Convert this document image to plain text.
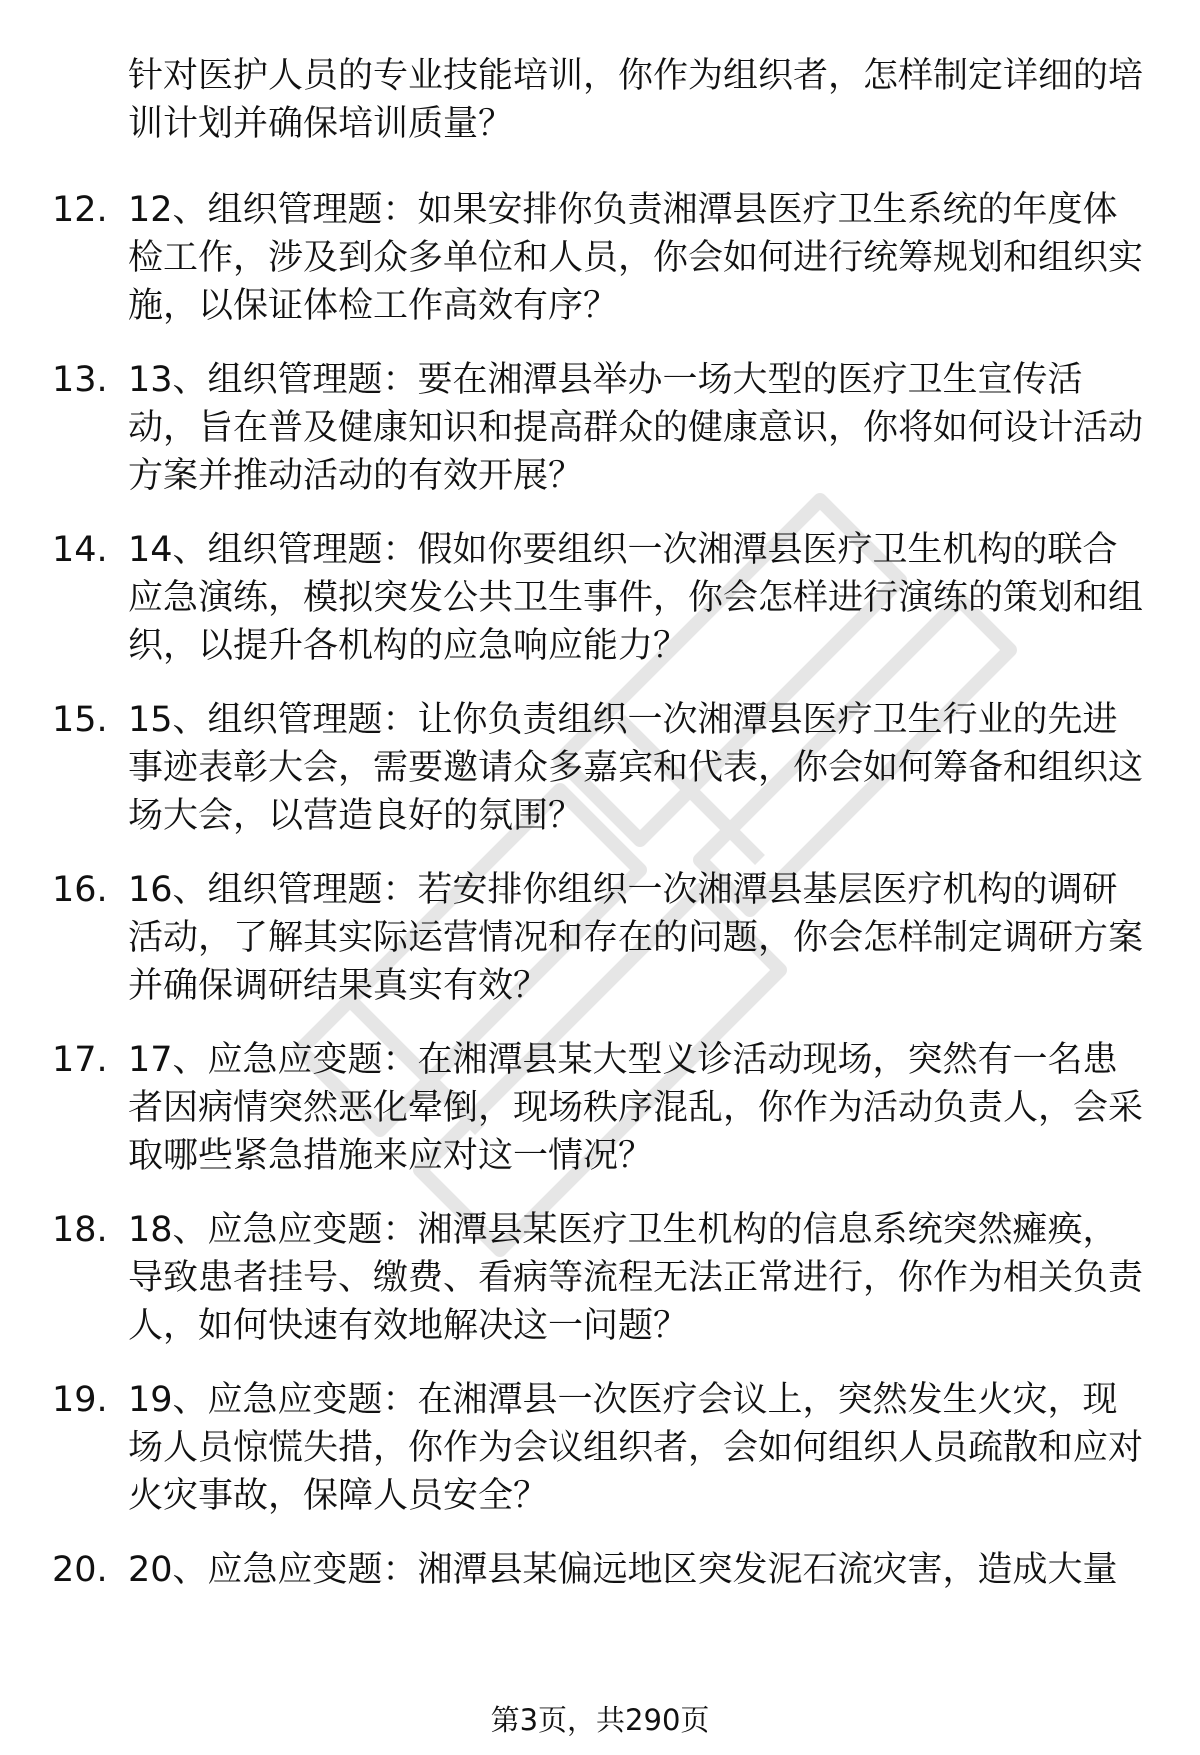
针对医护人员的专业技能培训，你作为组织者，怎样制定详细的培训计划并确保培训质量？

12. 12、组织管理题：如果安排你负责湘潭县医疗卫生系统的年度体检工作，涉及到众多单位和人员，你会如何进行统筹规划和组织实施，以保证体检工作高效有序？

13. 13、组织管理题：要在湘潭县举办一场大型的医疗卫生宣传活动，旨在普及健康知识和提高群众的健康意识，你将如何设计活动方案并推动活动的有效开展？

14. 14、组织管理题：假如你要组织一次湘潭县医疗卫生机构的联合应急演练，模拟突发公共卫生事件，你会怎样进行演练的策划和组织，以提升各机构的应急响应能力？

15. 15、组织管理题：让你负责组织一次湘潭县医疗卫生行业的先进事迹表彰大会，需要邀请众多嘉宾和代表，你会如何筹备和组织这场大会，以营造良好的氛围？

16. 16、组织管理题：若安排你组织一次湘潭县基层医疗机构的调研活动，了解其实际运营情况和存在的问题，你会怎样制定调研方案并确保调研结果真实有效？

17. 17、应急应变题：在湘潭县某大型义诊活动现场，突然有一名患者因病情突然恶化晕倒，现场秩序混乱，你作为活动负责人，会采取哪些紧急措施来应对这一情况？

18. 18、应急应变题：湘潭县某医疗卫生机构的信息系统突然瘫痪，导致患者挂号、缴费、看病等流程无法正常进行，你作为相关负责人，如何快速有效地解决这一问题？

19. 19、应急应变题：在湘潭县一次医疗会议上，突然发生火灾，现场人员惊慌失措，你作为会议组织者，会如何组织人员疏散和应对火灾事故，保障人员安全？

20. 20、应急应变题：湘潭县某偏远地区突发泥石流灾害，造成大量

第3页，共290页
